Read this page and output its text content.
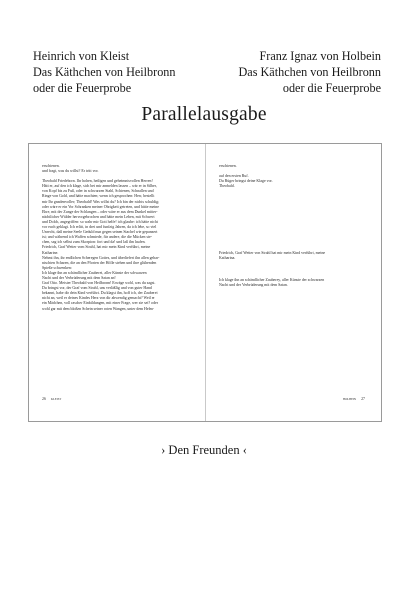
Heinrich von Kleist
Das Käthchen von Heilbronn
oder die Feuerprobe
Franz Ignaz von Holbein
Das Käthchen von Heilbronn
oder die Feuerprobe
Parallelausgabe
erschienen.
und fragt, was du willst? Er tritt vor.
Theobald Friedeborn. Ihr hohen, heiligen und geheimnisvollen Herren!
Hätt er, auf den ich klage, sich bei mir anmelden lassen – wär er in Silber,
von Kopf bis zu Fuß, oder in schwarzen Stahl, Schienen, Schnallen und
Ringe von Gold, und hätte machten; wenn ich gesprochen: Herr, bestellt
mir Ihr gnadenvoller; Theobald! Was willst du? Ich bin der nichts schuldig;
oder wäre er ein Vor Schranken meiner Obrigkeit getreten, und hätte meine
Ehre, mit der Zunge der Schlangen – oder wäre er aus dem Dunkel mitter-
nächtlicher Wälder hervorgebrochen und hätte mein Leben, mit Schwert
und Dolch, angegriffen: so wahr mir Gott helfe! ich glaube: ich hätte nicht
vor euch geklagt. Ich erlitt, in drei und funfzig Jahren, da ich lebe, so viel
Unrecht, daß meine Seele Geduld nun gegen seinen Stachel wie gepanzert
ist; und während ich Waffen schmiede, für andere, die die Mücken ste-
chen, sag ich selbst zum Skorpion: fort und da! und laß ihn laufen.
Friedrich, Graf Wetter vom Strahl, hat mir mein Kind verführt, meine
Katharine.
Nehmt ihn, ihr endlichen Scheregen Gottes, und überliefert ihn allen gehar-
nischten Scharen, die an den Pforten der Hölle stehen und ihre glühenden
Spieße schwenken:
Ich klage ihn an schändlicher Zauberei, aller Künste der schwarzen
Nacht und der Verbrüderung mit dem Satan an!
Graf Otto. Meister Theobald von Heilbronn! Erwäge wohl, was du sagst.
Du bringst vor, der Graf vom Strahl, uns verläßlig und von guter Hand
bekannt, habe dir dein Kind verführt. Du klagst ihn, hoff ich, der Zauberei
nicht an, weil er deines Kindes Herz von dir abwendig gemacht? Weil er
ein Mädchen, voll rascher Einbildungen, mit einer Frage, wer sie sei? oder
wohl gar mit dem bloßen Schein seiner roten Wangen, unter dem Helm-
26 kleist
erschienen.
auf den ersten Ruf.
Du Rüger bringst deine Klage vor.
Theobald.
Friedrich, Graf Wetter von Strahl hat mir mein Kind verführt, meine
Katharina.
Ich klage ihn an schändlicher Zauberey, aller Künste der schwarzen
Nacht und der Verbrüderung mit dem Satan.
holbein 27
› Den Freunden ‹
